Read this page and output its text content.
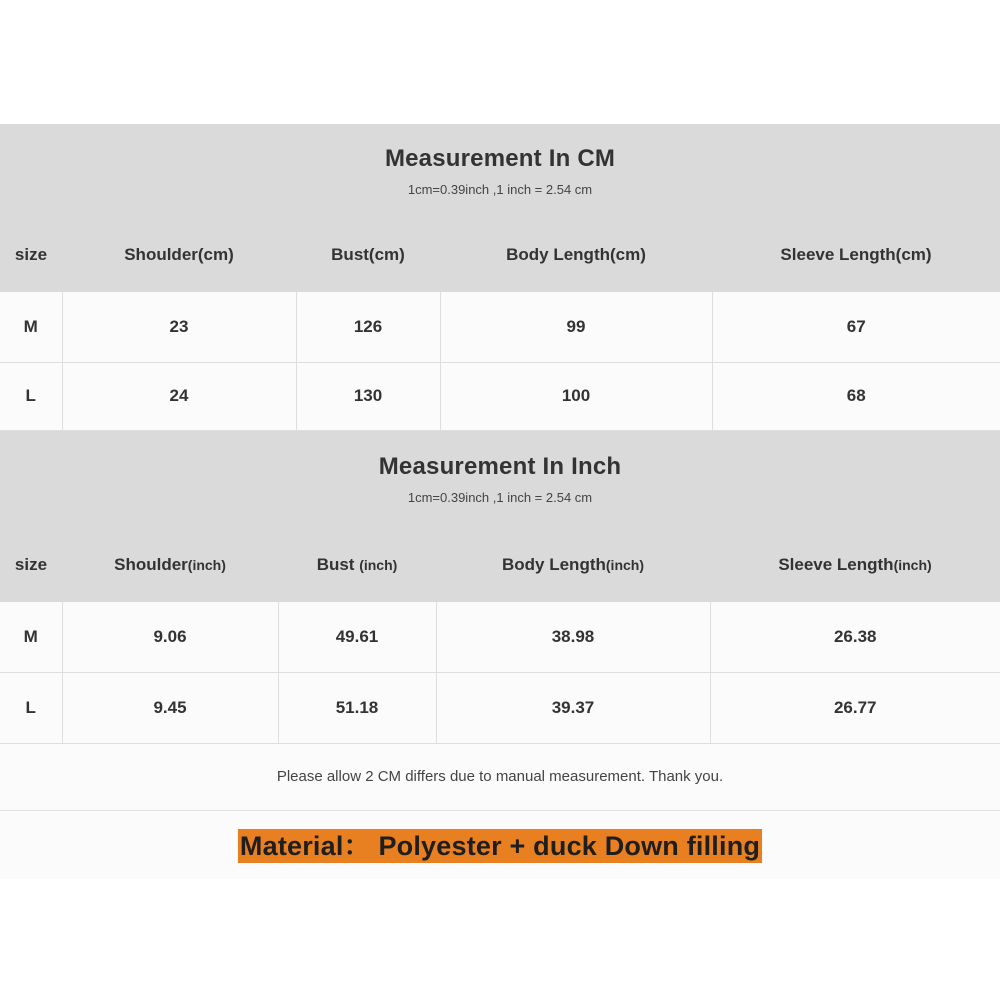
Measurement In CM
1cm=0.39inch ,1 inch = 2.54 cm
size	Shoulder(cm)	Bust(cm)	Body Length(cm)	Sleeve Length(cm)
M	23	126	99	67
L	24	130	100	68
Measurement In Inch
1cm=0.39inch ,1 inch = 2.54 cm
size	Shoulder(inch)	Bust (inch)	Body Length(inch)	Sleeve Length(inch)
M	9.06	49.61	38.98	26.38
L	9.45	51.18	39.37	26.77
Please allow 2 CM differs due to manual measurement. Thank you.
Material： Polyester + duck Down filling
